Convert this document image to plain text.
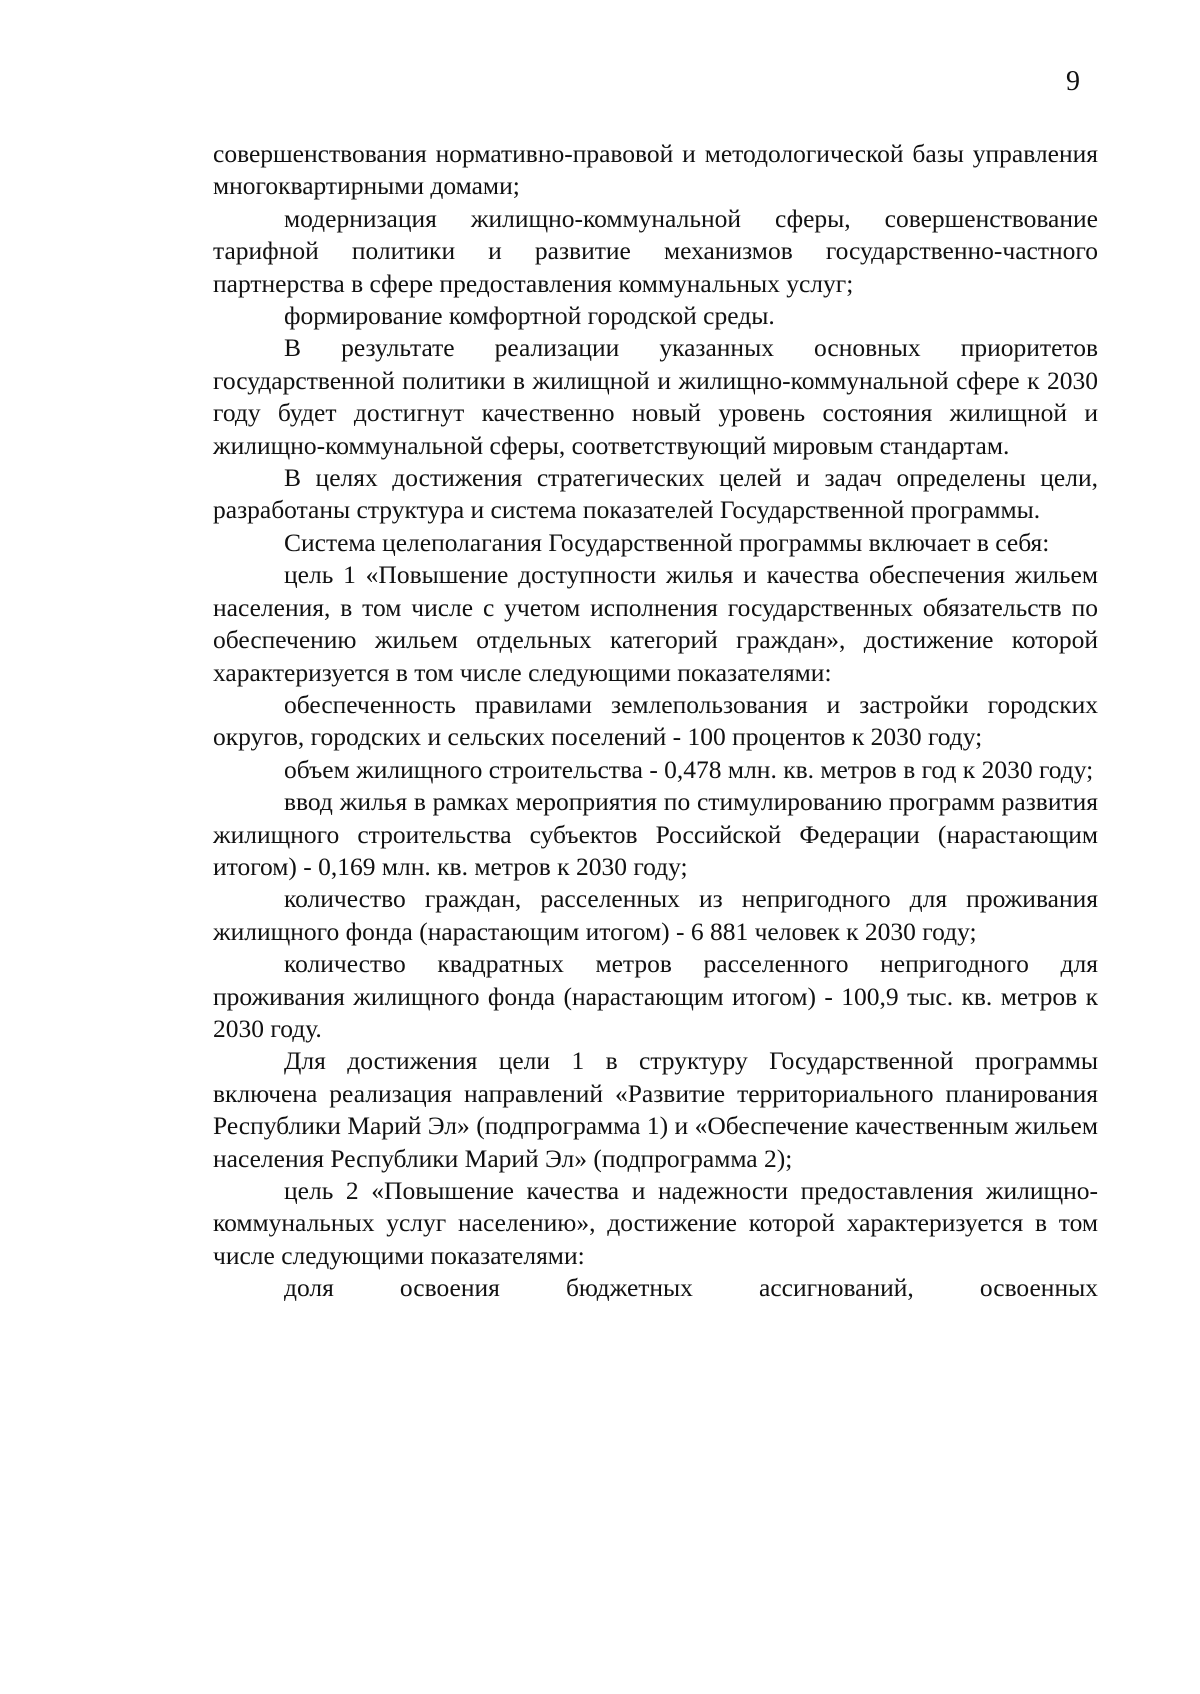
9

совершенствования нормативно-правовой и методологической базы управления многоквартирными домами;

модернизация жилищно-коммунальной сферы, совершенствование тарифной политики и развитие механизмов государственно-частного партнерства в сфере предоставления коммунальных услуг;

формирование комфортной городской среды.

В результате реализации указанных основных приоритетов государственной политики в жилищной и жилищно-коммунальной сфере к 2030 году будет достигнут качественно новый уровень состояния жилищной и жилищно-коммунальной сферы, соответствующий мировым стандартам.

В целях достижения стратегических целей и задач определены цели, разработаны структура и система показателей Государственной программы.

Система целеполагания Государственной программы включает в себя:

цель 1 «Повышение доступности жилья и качества обеспечения жильем населения, в том числе с учетом исполнения государственных обязательств по обеспечению жильем отдельных категорий граждан», достижение которой характеризуется в том числе следующими показателями:

обеспеченность правилами землепользования и застройки городских округов, городских и сельских поселений - 100 процентов к 2030 году;

объем жилищного строительства - 0,478 млн. кв. метров в год к 2030 году;

ввод жилья в рамках мероприятия по стимулированию программ развития жилищного строительства субъектов Российской Федерации (нарастающим итогом) - 0,169 млн. кв. метров к 2030 году;

количество граждан, расселенных из непригодного для проживания жилищного фонда (нарастающим итогом) - 6 881 человек к 2030 году;

количество квадратных метров расселенного непригодного для проживания жилищного фонда (нарастающим итогом) - 100,9 тыс. кв. метров к 2030 году.

Для достижения цели 1 в структуру Государственной программы включена реализация направлений «Развитие территориального планирования Республики Марий Эл» (подпрограмма 1) и «Обеспечение качественным жильем населения Республики Марий Эл» (подпрограмма 2);

цель 2 «Повышение качества и надежности предоставления жилищно-коммунальных услуг населению», достижение которой характеризуется в том числе следующими показателями:

доля освоения бюджетных ассигнований, освоенных
